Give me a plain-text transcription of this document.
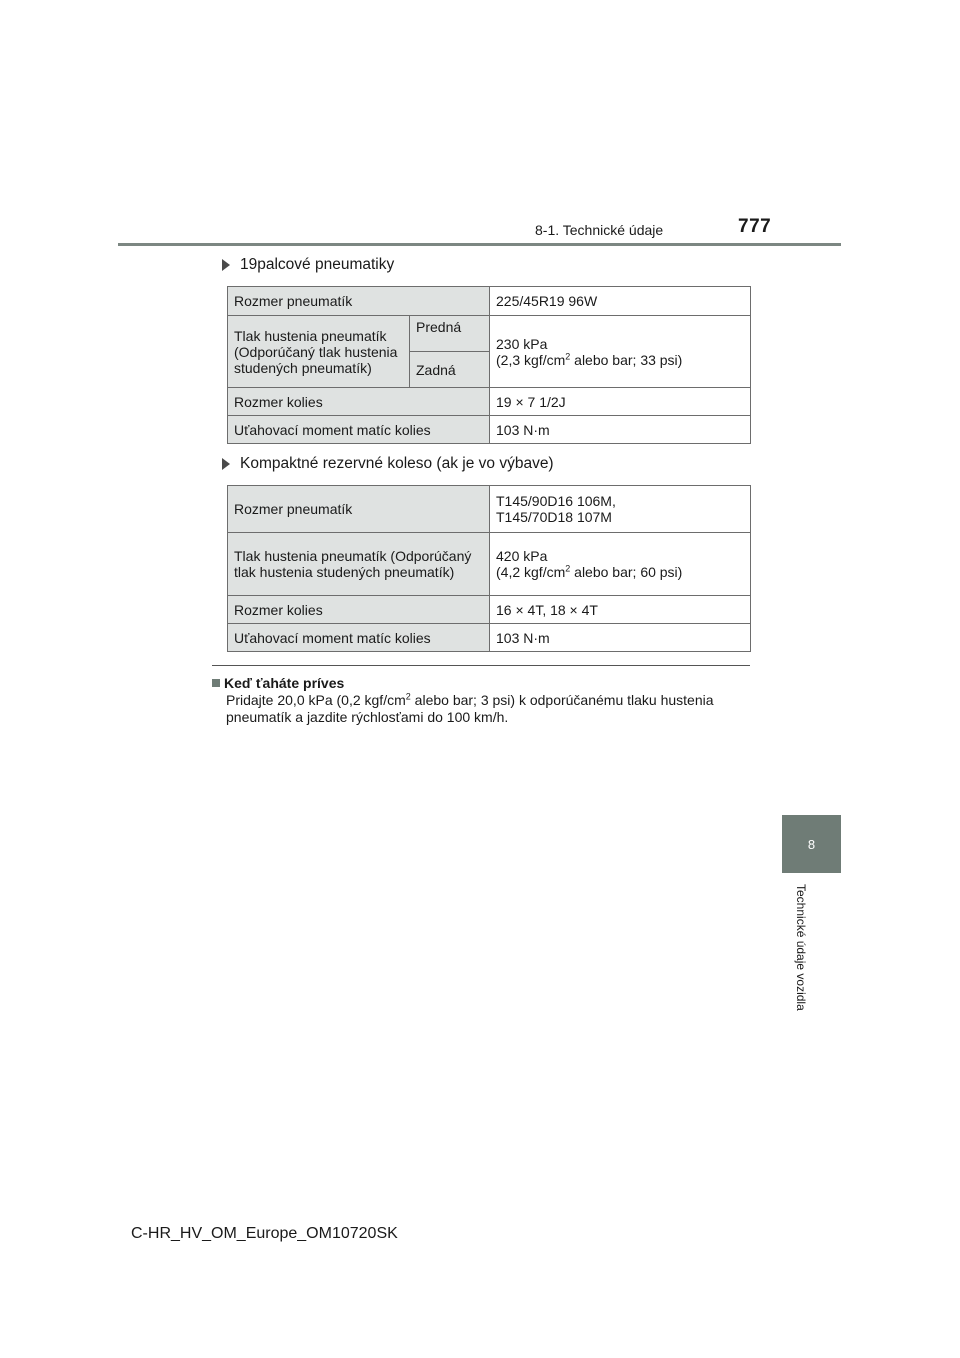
8-1. Technické údaje	777
8
Technické údaje vozidla
19palcové pneumatiky
Rozmer pneumatík		225/45R19 96W
Tlak hustenia pneumatík (Odporúčaný tlak hustenia studených pneumatík)	Predná	230 kPa
(2,3 kgf/$cm^2$ alebo bar; 33 psi)

	Zadná	
Rozmer kolies		19 × 7 1/2J
Uťahovací moment matíc kolies		103 N·m
Kompaktné rezervné koleso (ak je vo výbave)
Rozmer pneumatík	T145/90D16 106M,
T145/70D18 107M

Tlak hustenia pneumatík (Odporúčaný tlak hustenia studených pneumatík)	420 kPa
(4,2 kgf/$cm^2$ alebo bar; 60 psi)

Rozmer kolies	16 × 4T, 18 × 4T
Uťahovací moment matíc kolies	103 N·m
Keď ťaháte príves
Pridajte 20,0 kPa (0,2 kgf/$cm^2$ alebo bar; 3 psi) k odporúčanému tlaku hustenia pneumatík a jazdite rýchlosťami do 100 km/h.
C-HR_HV_OM_Europe_OM10720SK
